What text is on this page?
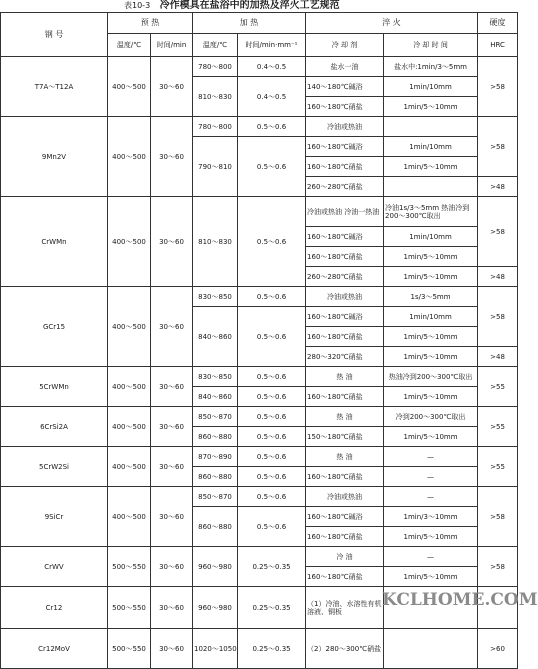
表10-3 冷作模具在盐浴中的加热及淬火工艺规范
钢 号	预 热		加 热		淬 火		硬度
	温度/℃	时间/min	温度/℃	时间/min·mm⁻¹	冷 却 剂	冷 却 时 间	HRC
T7A～T12A	400～500	30～60	780～800	0.4～0.5	盐水一油	盐水中:1min/3～5mm	>58
			810～830	0.4～0.5	140～180℃碱浴	1min/10mm	
					160～180℃硝盐	1min/5～10mm	
9Mn2V	400～500	30～60	780～800	0.5～0.6	冷油或热油		>58
			790～810	0.5～0.6	160～180℃碱浴	1min/10mm	
					160～180℃硝盐	1min/5～10mm	
					260～280℃硝盐		>48
CrWMn	400～500	30～60	810～830	0.5～0.6	冷油或热油 冷油一热油	冷油1s/3～5mm 热油冷到200～300℃取出	>58
					160～180℃碱浴	1min/10mm	
					160～180℃硝盐	1min/5～10mm	
					260～280℃硝盐	1min/5～10mm	>48
GCr15	400～500	30～60	830～850	0.5～0.6	冷油或热油	1s/3～5mm	>58
			840～860	0.5～0.6	160～180℃碱浴	1min/10mm	
					160～180℃硝盐	1min/5～10mm	
					280～320℃硝盐	1min/5～10mm	>48
5CrWMn	400～500	30～60	830～850	0.5～0.6	热 油	热油冷到200～300℃取出	>55
			840～860	0.5～0.6	160～180℃硝盐	1min/5～10mm	
6CrSi2A	400～500	30～60	850～870	0.5～0.6	热 油	冷到200～300℃取出	>55
			860～880	0.5～0.6	150～180℃硝盐	1min/5～10mm	
5CrW2Si	400～500	30～60	870～890	0.5～0.6	热 油	—	>55
			860～880	0.5～0.6	160～180℃硝盐	—	
9SiCr	400～500	30～60	850～870	0.5～0.6	冷油或热油	—	>58
			860～880	0.5～0.6	160～180℃碱浴	1min/3～10mm	
					160～180℃硝盐	1min/5～10mm	
CrWV	500～550	30～60	960～980	0.25～0.35	冷 油	—	>58
					160～180℃硝盐	1min/5～10mm	
Cr12	500～550	30～60	960～980	0.25～0.35	（1）冷油、水溶性有机溶液、铜板		
Cr12MoV	500～550	30～60	1020～1050	0.25～0.35	（2）280～300℃硝盐		>60
KCLHOME.COM
